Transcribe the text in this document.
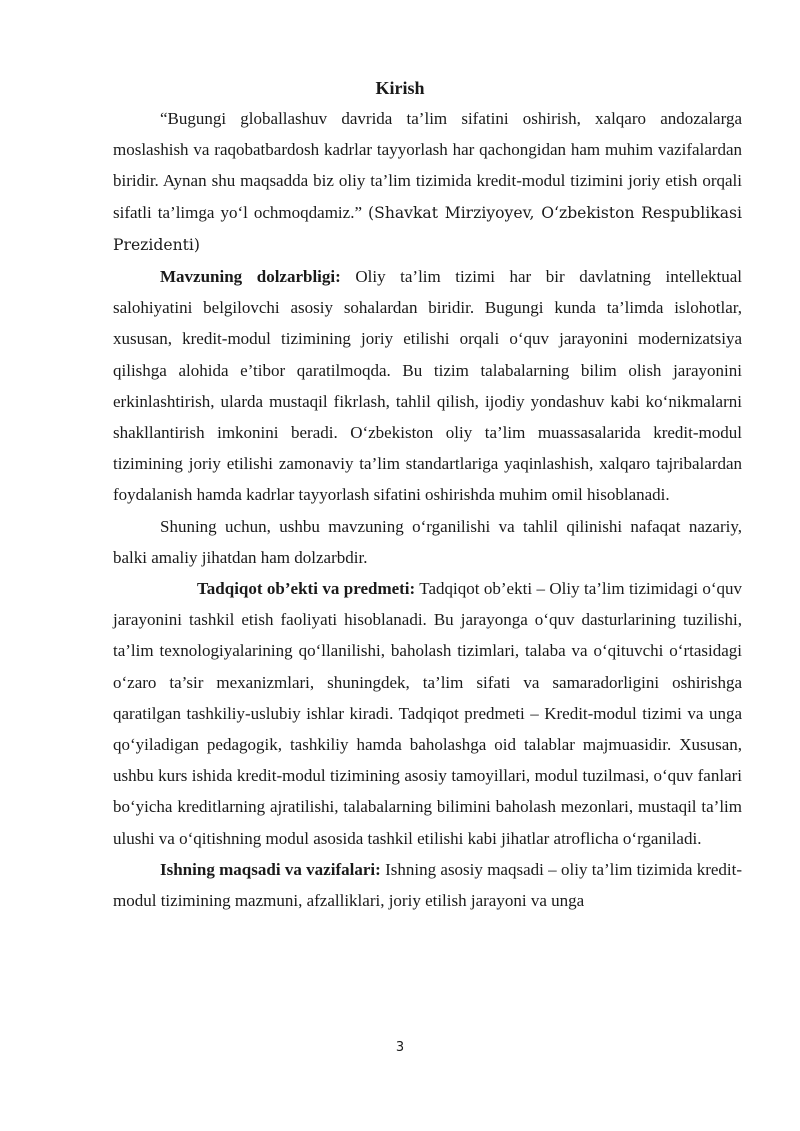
Kirish

“Bugungi globallashuv davrida ta’lim sifatini oshirish, xalqaro andozalarga moslashish va raqobatbardosh kadrlar tayyorlash har qachongidan ham muhim vazifalardan biridir. Aynan shu maqsadda biz oliy ta’lim tizimida kredit-modul tizimini joriy etish orqali sifatli ta’limga yo‘l ochmoqdamiz.” (Shavkat Mirziyoyev, O‘zbekiston Respublikasi Prezidenti)

Mavzuning dolzarbligi: Oliy ta’lim tizimi har bir davlatning intellektual salohiyatini belgilovchi asosiy sohalardan biridir. Bugungi kunda ta’limda islohotlar, xususan, kredit-modul tizimining joriy etilishi orqali o‘quv jarayonini modernizatsiya qilishga alohida e’tibor qaratilmoqda. Bu tizim talabalarning bilim olish jarayonini erkinlashtirish, ularda mustaqil fikrlash, tahlil qilish, ijodiy yondashuv kabi ko‘nikmalarni shakllantirish imkonini beradi. O‘zbekiston oliy ta’lim muassasalarida kredit-modul tizimining joriy etilishi zamonaviy ta’lim standartlariga yaqinlashish, xalqaro tajribalardan foydalanish hamda kadrlar tayyorlash sifatini oshirishda muhim omil hisoblanadi.

Shuning uchun, ushbu mavzuning o‘rganilishi va tahlil qilinishi nafaqat nazariy, balki amaliy jihatdan ham dolzarbdir.

Tadqiqot ob’ekti va predmeti: Tadqiqot ob’ekti – Oliy ta’lim tizimidagi o‘quv jarayonini tashkil etish faoliyati hisoblanadi. Bu jarayonga o‘quv dasturlarining tuzilishi, ta’lim texnologiyalarining qo‘llanilishi, baholash tizimlari, talaba va o‘qituvchi o‘rtasidagi o‘zaro ta’sir mexanizmlari, shuningdek, ta’lim sifati va samaradorligini oshirishga qaratilgan tashkiliy-uslubiy ishlar kiradi. Tadqiqot predmeti – Kredit-modul tizimi va unga qo‘yiladigan pedagogik, tashkiliy hamda baholashga oid talablar majmuasidir. Xususan, ushbu kurs ishida kredit-modul tizimining asosiy tamoyillari, modul tuzilmasi, o‘quv fanlari bo‘yicha kreditlarning ajratilishi, talabalarning bilimini baholash mezonlari, mustaqil ta’lim ulushi va o‘qitishning modul asosida tashkil etilishi kabi jihatlar atroflicha o‘rganiladi.

Ishning maqsadi va vazifalari: Ishning asosiy maqsadi – oliy ta’lim tizimida kredit-modul tizimining mazmuni, afzalliklari, joriy etilish jarayoni va unga

3
